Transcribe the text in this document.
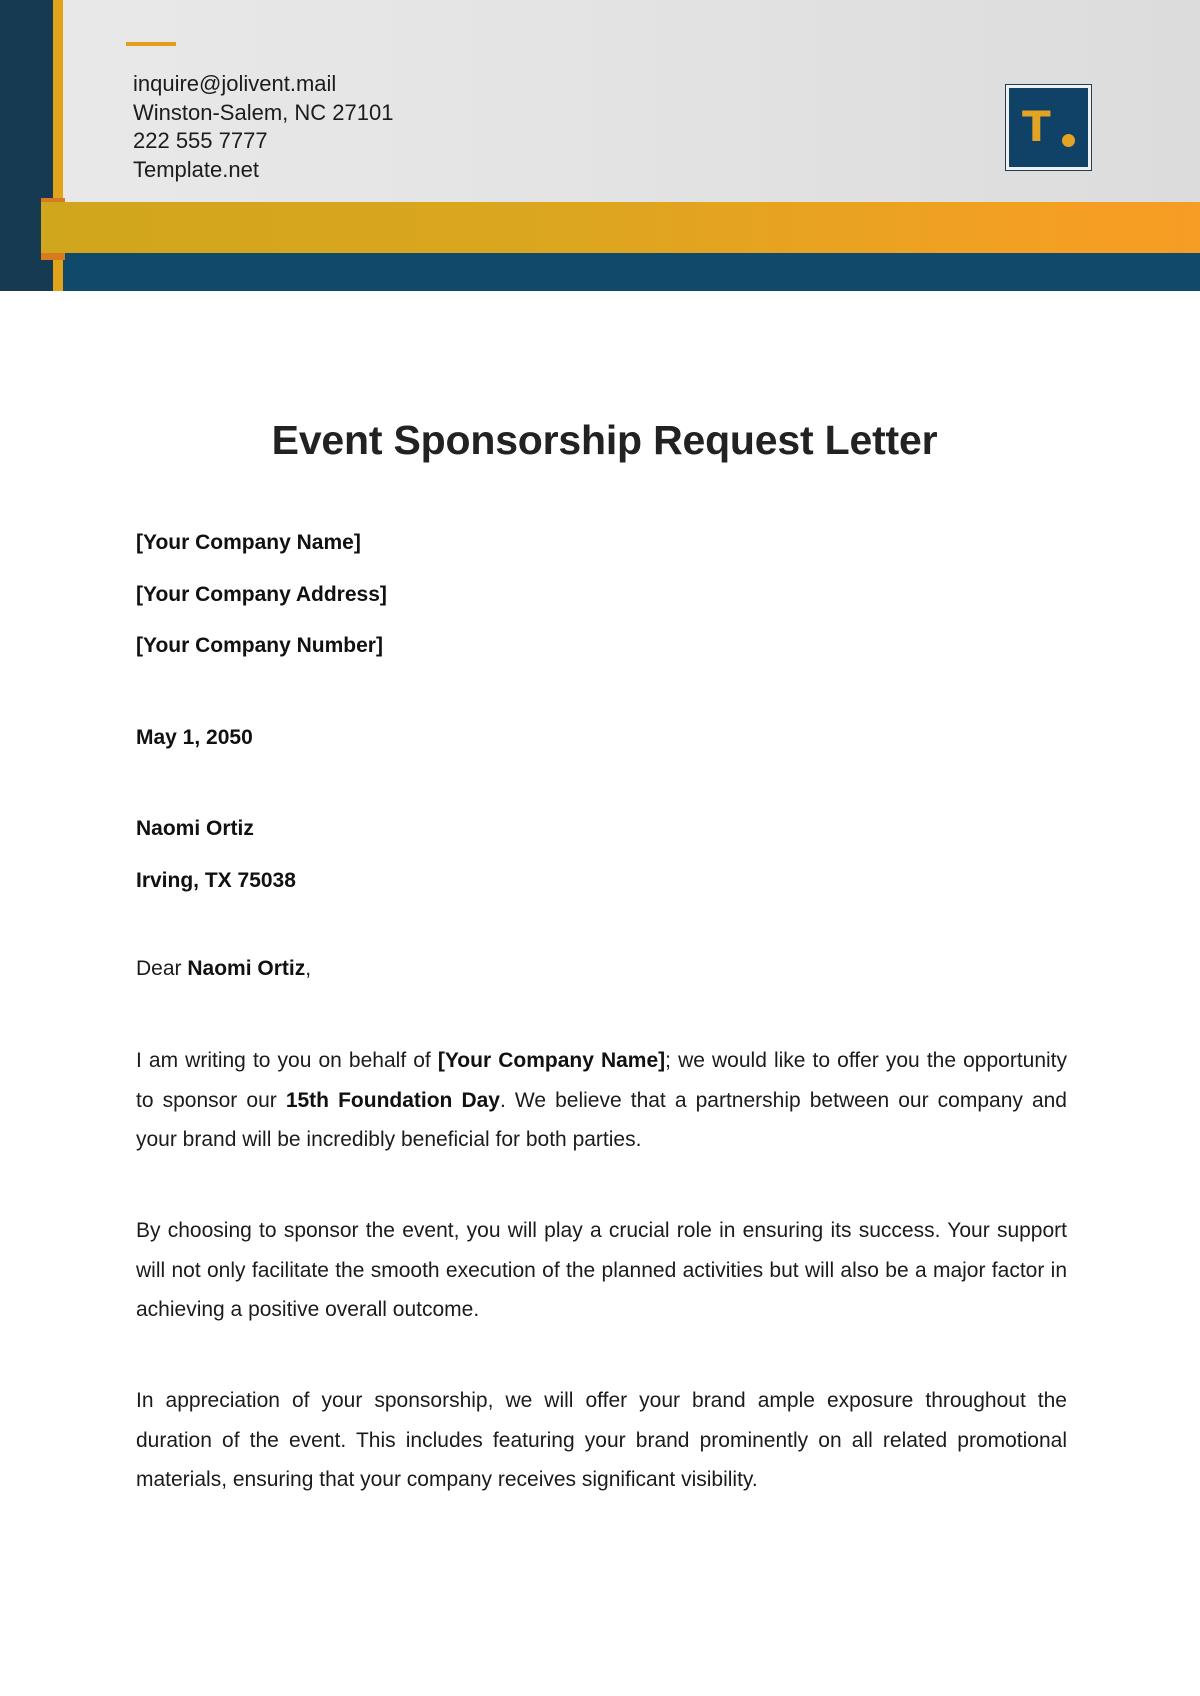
inquire@jolivent.mail
Winston-Salem, NC 27101
222 555 7777
Template.net
T
Event Sponsorship Request Letter
[Your Company Name]
[Your Company Address]
[Your Company Number]
May 1, 2050
Naomi Ortiz
Irving, TX 75038
Dear Naomi Ortiz,

I am writing to you on behalf of [Your Company Name]; we would like to offer you the opportunity to sponsor our 15th Foundation Day. We believe that a partnership between our company and your brand will be incredibly beneficial for both parties.

By choosing to sponsor the event, you will play a crucial role in ensuring its success. Your support will not only facilitate the smooth execution of the planned activities but will also be a major factor in achieving a positive overall outcome.

In appreciation of your sponsorship, we will offer your brand ample exposure throughout the duration of the event. This includes featuring your brand prominently on all related promotional materials, ensuring that your company receives significant visibility.
